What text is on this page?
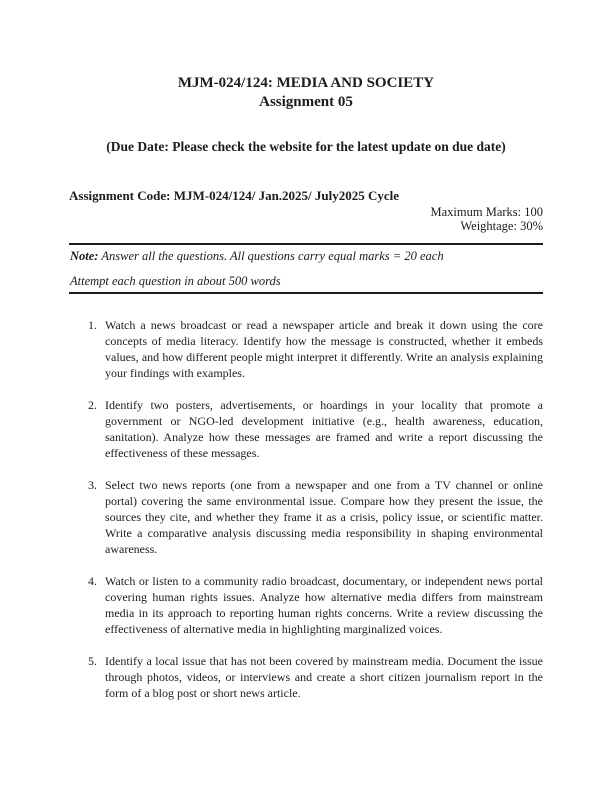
MJM-024/124: MEDIA AND SOCIETY
Assignment 05
(Due Date: Please check the website for the latest update on due date)
Assignment Code: MJM-024/124/ Jan.2025/ July2025 Cycle
Maximum Marks: 100
Weightage: 30%
Note: Answer all the questions. All questions carry equal marks = 20 each
Attempt each question in about 500 words
1. Watch a news broadcast or read a newspaper article and break it down using the core concepts of media literacy. Identify how the message is constructed, whether it embeds values, and how different people might interpret it differently. Write an analysis explaining your findings with examples.
2. Identify two posters, advertisements, or hoardings in your locality that promote a government or NGO-led development initiative (e.g., health awareness, education, sanitation). Analyze how these messages are framed and write a report discussing the effectiveness of these messages.
3. Select two news reports (one from a newspaper and one from a TV channel or online portal) covering the same environmental issue. Compare how they present the issue, the sources they cite, and whether they frame it as a crisis, policy issue, or scientific matter. Write a comparative analysis discussing media responsibility in shaping environmental awareness.
4. Watch or listen to a community radio broadcast, documentary, or independent news portal covering human rights issues. Analyze how alternative media differs from mainstream media in its approach to reporting human rights concerns. Write a review discussing the effectiveness of alternative media in highlighting marginalized voices.
5. Identify a local issue that has not been covered by mainstream media. Document the issue through photos, videos, or interviews and create a short citizen journalism report in the form of a blog post or short news article.
